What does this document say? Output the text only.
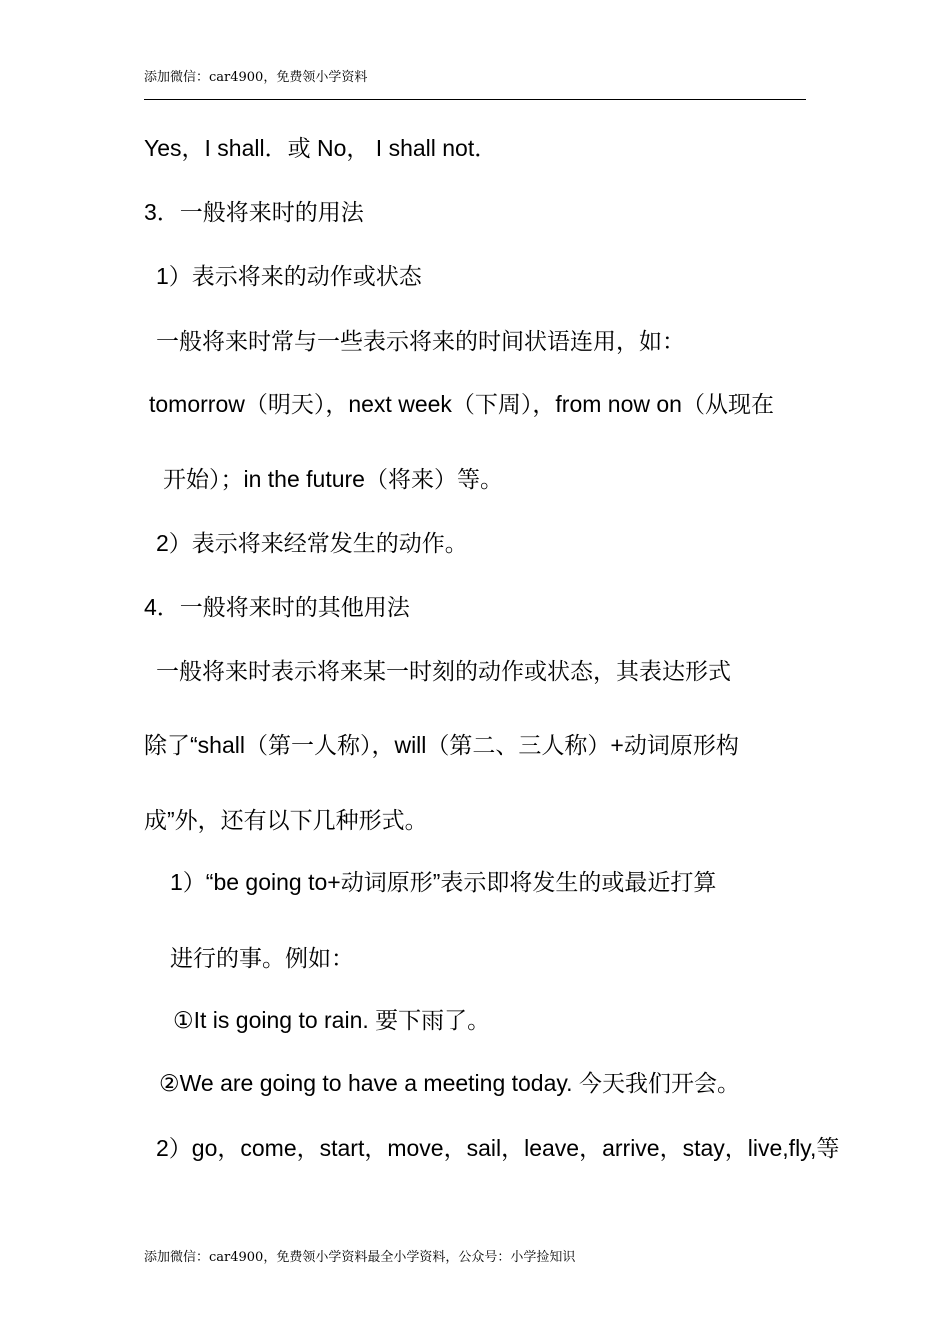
添加微信：car4900，免费领小学资料
Yes，I shall．或 No， I shall not．
3．一般将来时的用法
1）表示将来的动作或状态
一般将来时常与一些表示将来的时间状语连用，如：
tomorrow（明天），next week（下周），from now on（从现在
开始）；in the future（将来）等。
2）表示将来经常发生的动作。
4．一般将来时的其他用法
一般将来时表示将来某一时刻的动作或状态，其表达形式
除了“shall（第一人称），will（第二、三人称）+动词原形构
成”外，还有以下几种形式。
1）“be going to+动词原形”表示即将发生的或最近打算
进行的事。例如：
①It is going to rain. 要下雨了。
②We are going to have a meeting today. 今天我们开会。
2）go，come，start，move，sail，leave，arrive，stay，live,fly,等
添加微信：car4900，免费领小学资料最全小学资料，公众号：小学捡知识
